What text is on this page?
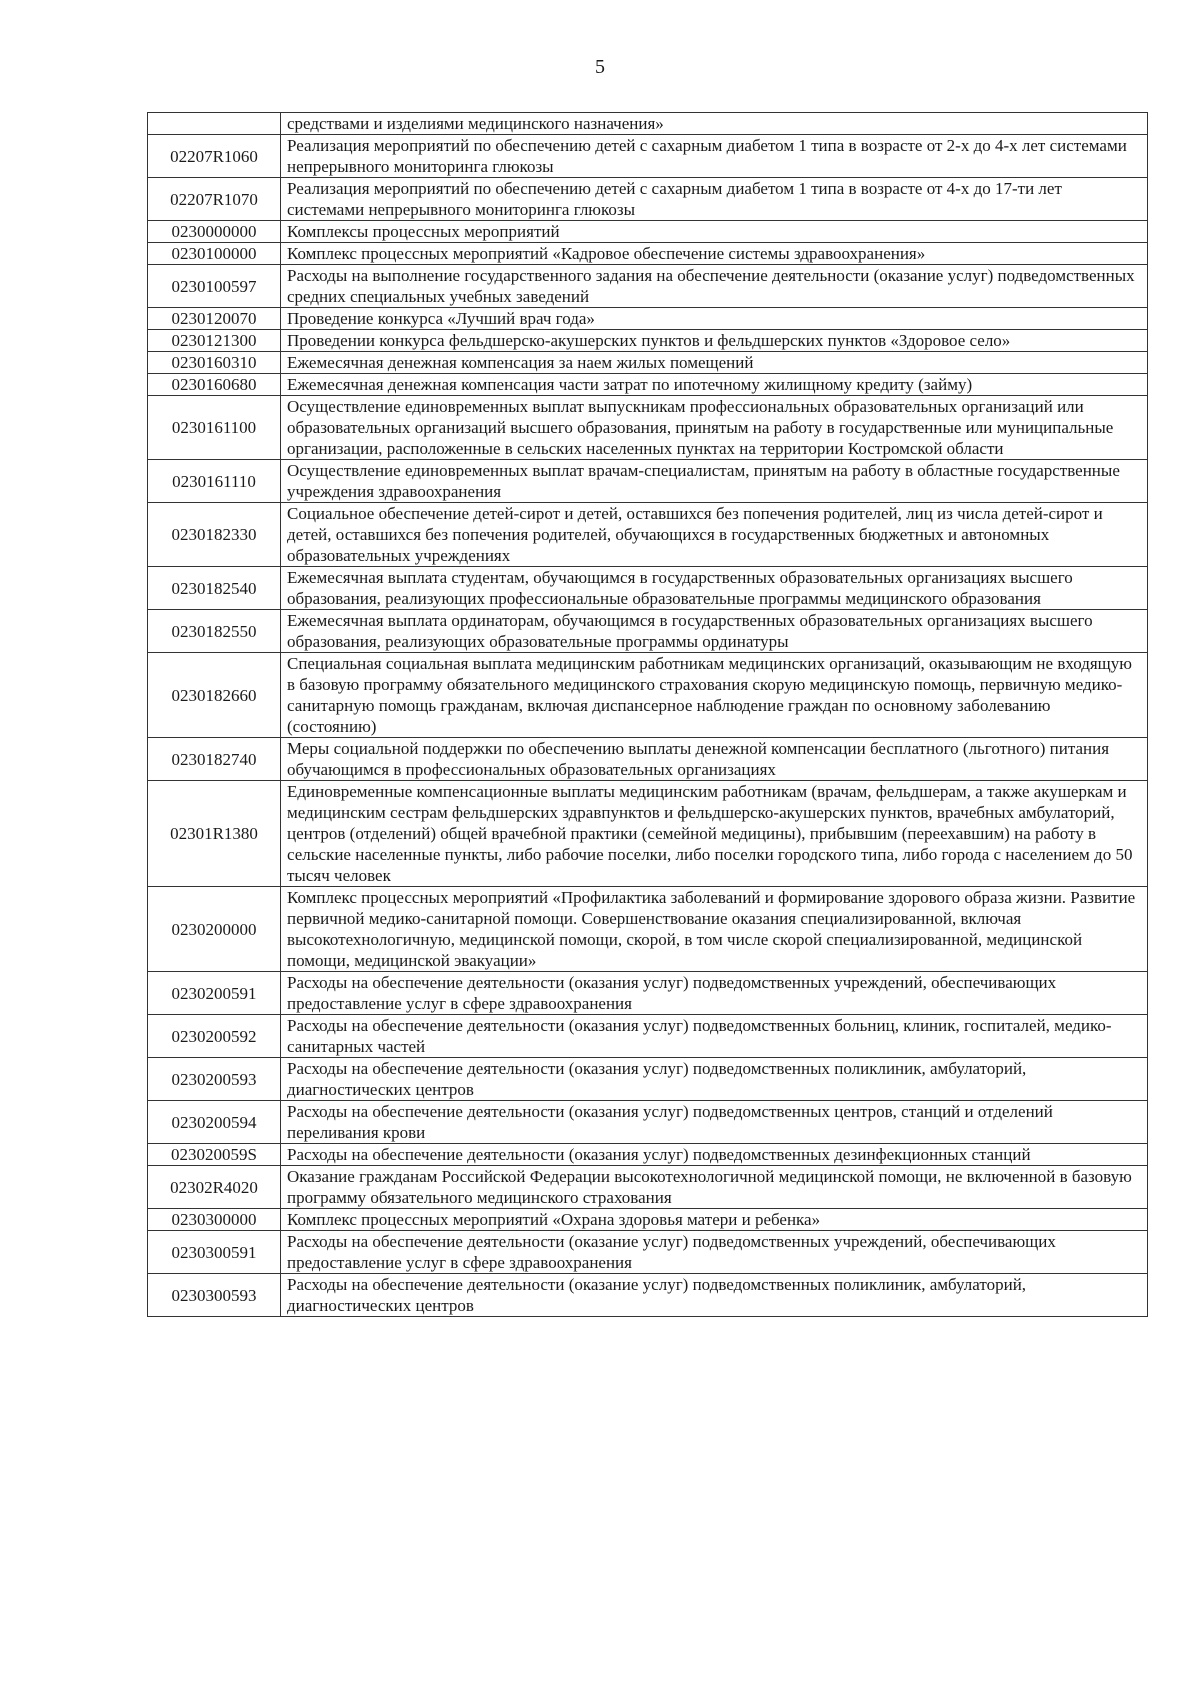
5
	средствами и изделиями медицинского назначения»
02207R1060	Реализация мероприятий по обеспечению детей с сахарным диабетом 1 типа в возрасте от 2-х до 4-х лет системами непрерывного мониторинга глюкозы
02207R1070	Реализация мероприятий по обеспечению детей с сахарным диабетом 1 типа в возрасте от 4-х до 17-ти лет системами непрерывного мониторинга глюкозы
0230000000	Комплексы процессных мероприятий
0230100000	Комплекс процессных мероприятий «Кадровое обеспечение системы здравоохранения»
0230100597	Расходы на выполнение государственного задания на обеспечение деятельности (оказание услуг) подведомственных средних специальных учебных заведений
0230120070	Проведение конкурса «Лучший врач года»
0230121300	Проведении конкурса фельдшерско-акушерских пунктов и фельдшерских пунктов «Здоровое село»
0230160310	Ежемесячная денежная компенсация за наем жилых помещений
0230160680	Ежемесячная денежная компенсация части затрат по ипотечному жилищному кредиту (займу)
0230161100	Осуществление единовременных выплат выпускникам профессиональных образовательных организаций или образовательных организаций высшего образования, принятым на работу в государственные или муниципальные организации, расположенные в сельских населенных пунктах на территории Костромской области
0230161110	Осуществление единовременных выплат врачам-специалистам, принятым на работу в областные государственные учреждения здравоохранения
0230182330	Социальное обеспечение детей-сирот и детей, оставшихся без попечения родителей, лиц из числа детей-сирот и детей, оставшихся без попечения родителей, обучающихся в государственных бюджетных и автономных образовательных учреждениях
0230182540	Ежемесячная выплата студентам, обучающимся в государственных образовательных организациях высшего образования, реализующих профессиональные образовательные программы медицинского образования
0230182550	Ежемесячная выплата ординаторам, обучающимся в государственных образовательных организациях высшего образования, реализующих образовательные программы ординатуры
0230182660	Специальная социальная выплата медицинским работникам медицинских организаций, оказывающим не входящую в базовую программу обязательного медицинского страхования скорую медицинскую помощь, первичную медико-санитарную помощь гражданам, включая диспансерное наблюдение граждан по основному заболеванию (состоянию)
0230182740	Меры социальной поддержки по обеспечению выплаты денежной компенсации бесплатного (льготного) питания обучающимся в профессиональных образовательных организациях
02301R1380	Единовременные компенсационные выплаты медицинским работникам (врачам, фельдшерам, а также акушеркам и медицинским сестрам фельдшерских здравпунктов и фельдшерско-акушерских пунктов, врачебных амбулаторий, центров (отделений) общей врачебной практики (семейной медицины), прибывшим (переехавшим) на работу в сельские населенные пункты, либо рабочие поселки, либо поселки городского типа, либо города с населением до 50 тысяч человек
0230200000	Комплекс процессных мероприятий «Профилактика заболеваний и формирование здорового образа жизни. Развитие первичной медико-санитарной помощи. Совершенствование оказания специализированной, включая высокотехнологичную, медицинской помощи, скорой, в том числе скорой специализированной, медицинской помощи, медицинской эвакуации»
0230200591	Расходы на обеспечение деятельности (оказания услуг) подведомственных учреждений, обеспечивающих предоставление услуг в сфере здравоохранения
0230200592	Расходы на обеспечение деятельности (оказания услуг) подведомственных больниц, клиник, госпиталей, медико-санитарных частей
0230200593	Расходы на обеспечение деятельности (оказания услуг) подведомственных поликлиник, амбулаторий, диагностических центров
0230200594	Расходы на обеспечение деятельности (оказания услуг) подведомственных центров, станций и отделений переливания крови
023020059S	Расходы на обеспечение деятельности (оказания услуг) подведомственных дезинфекционных станций
02302R4020	Оказание гражданам Российской Федерации высокотехнологичной медицинской помощи, не включенной в базовую программу обязательного медицинского страхования
0230300000	Комплекс процессных мероприятий «Охрана здоровья матери и ребенка»
0230300591	Расходы на обеспечение деятельности (оказание услуг) подведомственных учреждений, обеспечивающих предоставление услуг в сфере здравоохранения
0230300593	Расходы на обеспечение деятельности (оказание услуг) подведомственных поликлиник, амбулаторий, диагностических центров
